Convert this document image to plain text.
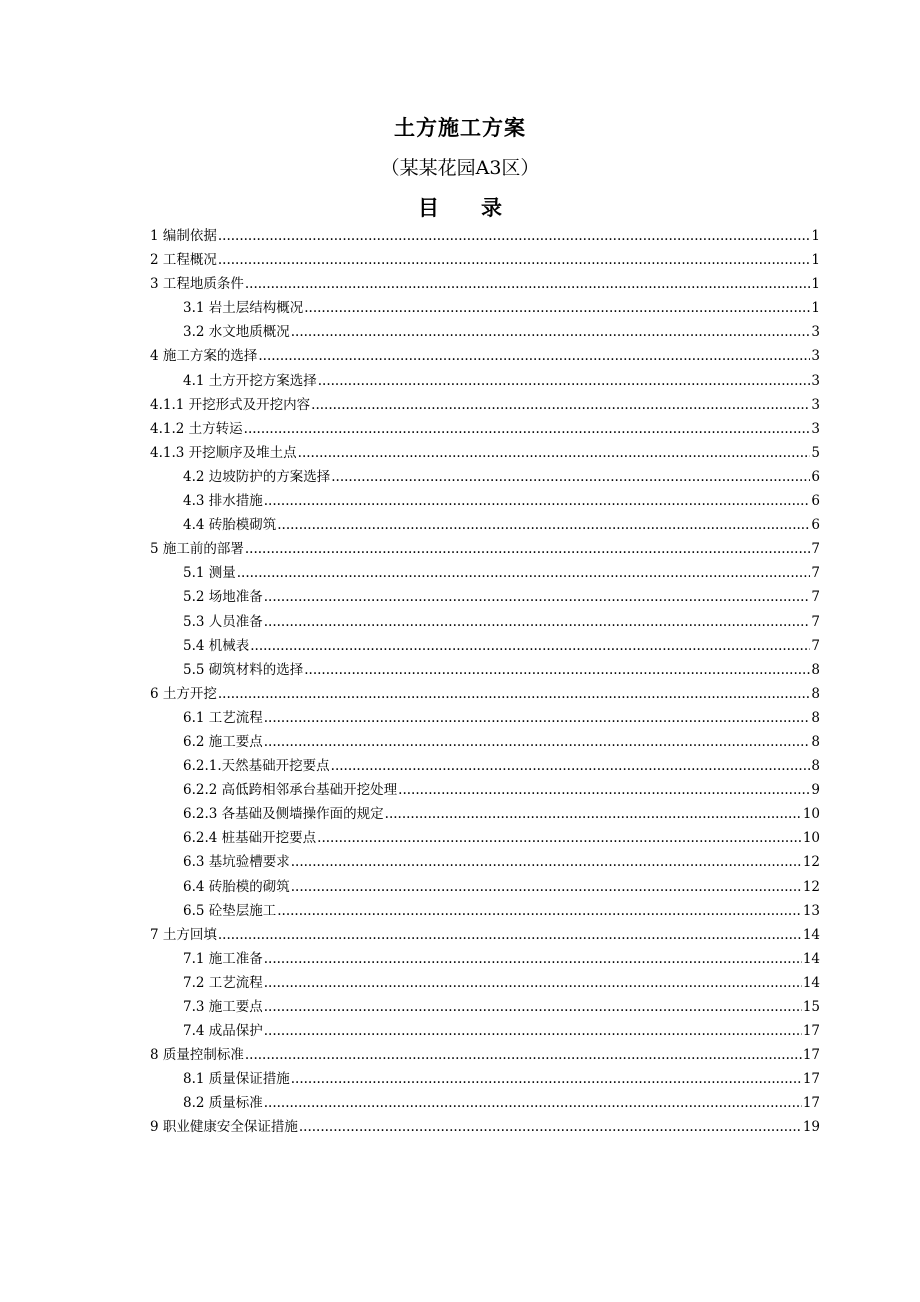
土方施工方案
（某某花园A3区）
目 录
1 编制依据 .....	1
2 工程概况 .....	1
3 工程地质条件 .....	1
3.1 岩土层结构概况 .....	1
3.2 水文地质概况 .....	3
4 施工方案的选择 .....	3
4.1 土方开挖方案选择 .....	3
4.1.1 开挖形式及开挖内容 .....	3
4.1.2 土方转运 .....	3
4.1.3 开挖顺序及堆土点 .....	5
4.2 边坡防护的方案选择 .....	6
4.3 排水措施 .....	6
4.4 砖胎模砌筑 .....	6
5 施工前的部署 .....	7
5.1 测量 .....	7
5.2 场地准备 .....	7
5.3 人员准备 .....	7
5.4 机械表 .....	7
5.5 砌筑材料的选择 .....	8
6 土方开挖 .....	8
6.1 工艺流程 .....	8
6.2 施工要点 .....	8
6.2.1.天然基础开挖要点 .....	8
6.2.2 高低跨相邻承台基础开挖处理 .....	9
6.2.3 各基础及侧墙操作面的规定 .....	10
6.2.4 桩基础开挖要点 .....	10
6.3 基坑验槽要求 .....	12
6.4 砖胎模的砌筑 .....	12
6.5 砼垫层施工 .....	13
7 土方回填 .....	14
7.1 施工准备 .....	14
7.2 工艺流程 .....	14
7.3 施工要点 .....	15
7.4 成品保护 .....	17
8 质量控制标准 .....	17
8.1 质量保证措施 .....	17
8.2 质量标准 .....	17
9 职业健康安全保证措施 .....	19
